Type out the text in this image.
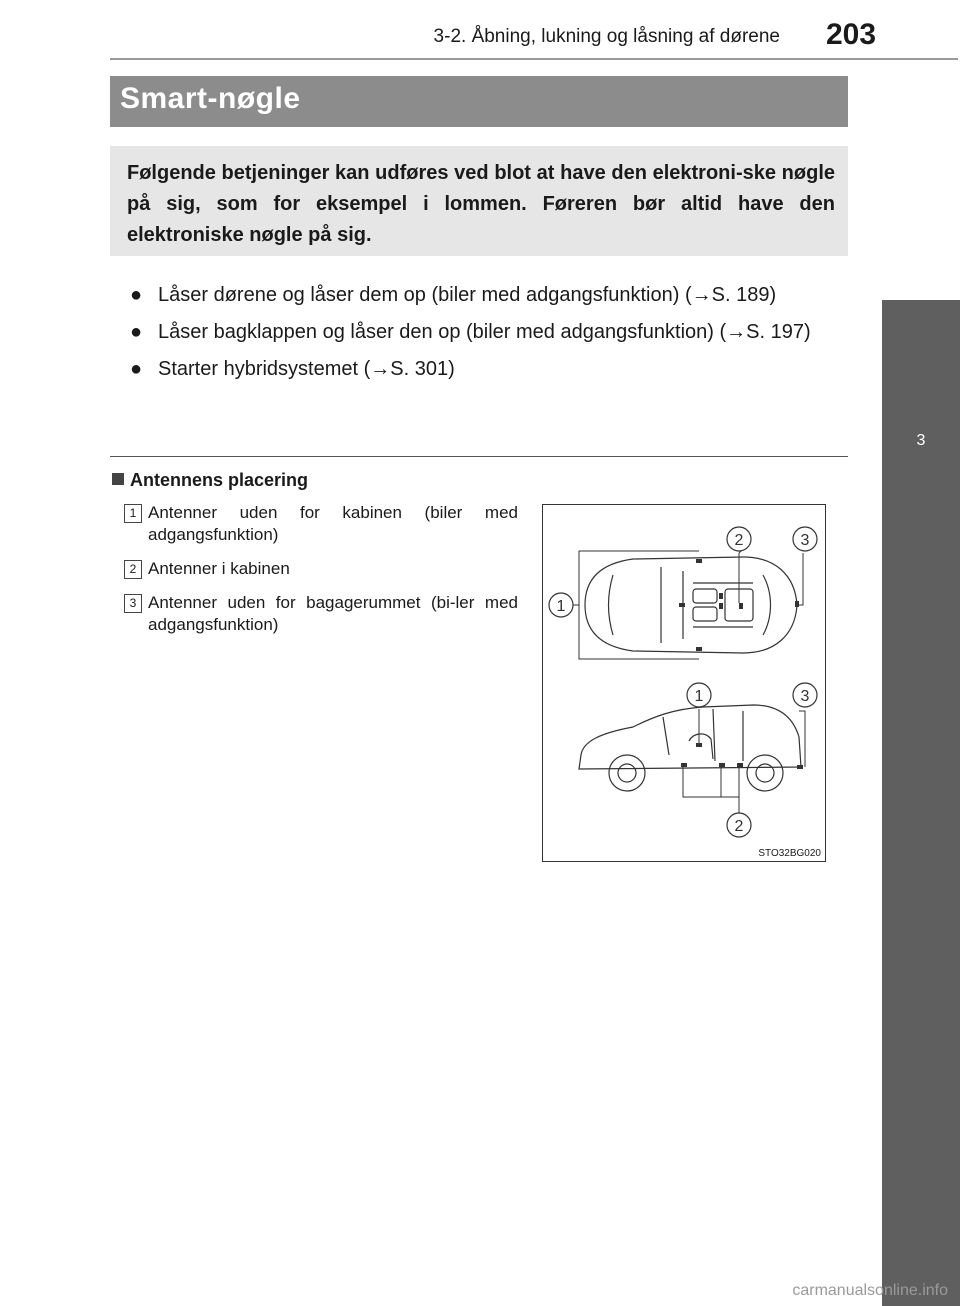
3-2. Åbning, lukning og låsning af dørene 203
3
Smart-nøgle
Følgende betjeninger kan udføres ved blot at have den elektroni-ske nøgle på sig, som for eksempel i lommen. Føreren bør altid have den elektroniske nøgle på sig.
● Låser dørene og låser dem op (biler med adgangsfunktion) (→S. 189)
● Låser bagklappen og låser den op (biler med adgangsfunktion) (→S. 197)
● Starter hybridsystemet (→S. 301)
Antennens placering
1 Antenner uden for kabinen (biler med adgangsfunktion)
2 Antenner i kabinen
3 Antenner uden for bagagerummet (bi-ler med adgangsfunktion)
1
2	3
1	3
2
STO32BG020
carmanualsonline.info
